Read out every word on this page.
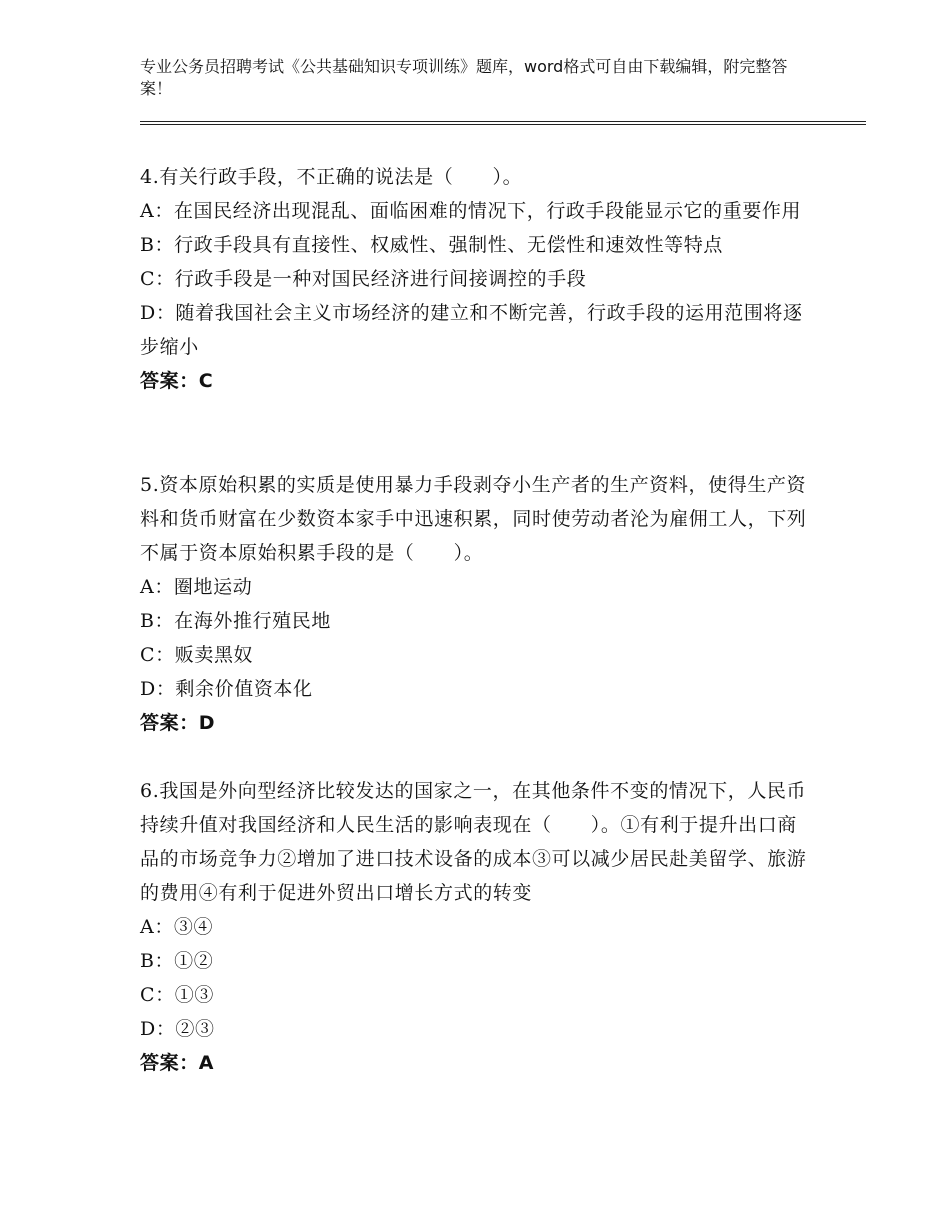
专业公务员招聘考试《公共基础知识专项训练》题库，word格式可自由下载编辑，附完整答案！

4.有关行政手段，不正确的说法是（　　）。

A：在国民经济出现混乱、面临困难的情况下，行政手段能显示它的重要作用

B：行政手段具有直接性、权威性、强制性、无偿性和速效性等特点

C：行政手段是一种对国民经济进行间接调控的手段

D：随着我国社会主义市场经济的建立和不断完善，行政手段的运用范围将逐步缩小

答案：C

5.资本原始积累的实质是使用暴力手段剥夺小生产者的生产资料，使得生产资料和货币财富在少数资本家手中迅速积累，同时使劳动者沦为雇佣工人，下列不属于资本原始积累手段的是（　　）。

A：圈地运动

B：在海外推行殖民地

C：贩卖黑奴

D：剩余价值资本化

答案：D

6.我国是外向型经济比较发达的国家之一，在其他条件不变的情况下，人民币持续升值对我国经济和人民生活的影响表现在（　　）。①有利于提升出口商品的市场竞争力②增加了进口技术设备的成本③可以减少居民赴美留学、旅游的费用④有利于促进外贸出口增长方式的转变

A：③④

B：①②

C：①③

D：②③

答案：A
